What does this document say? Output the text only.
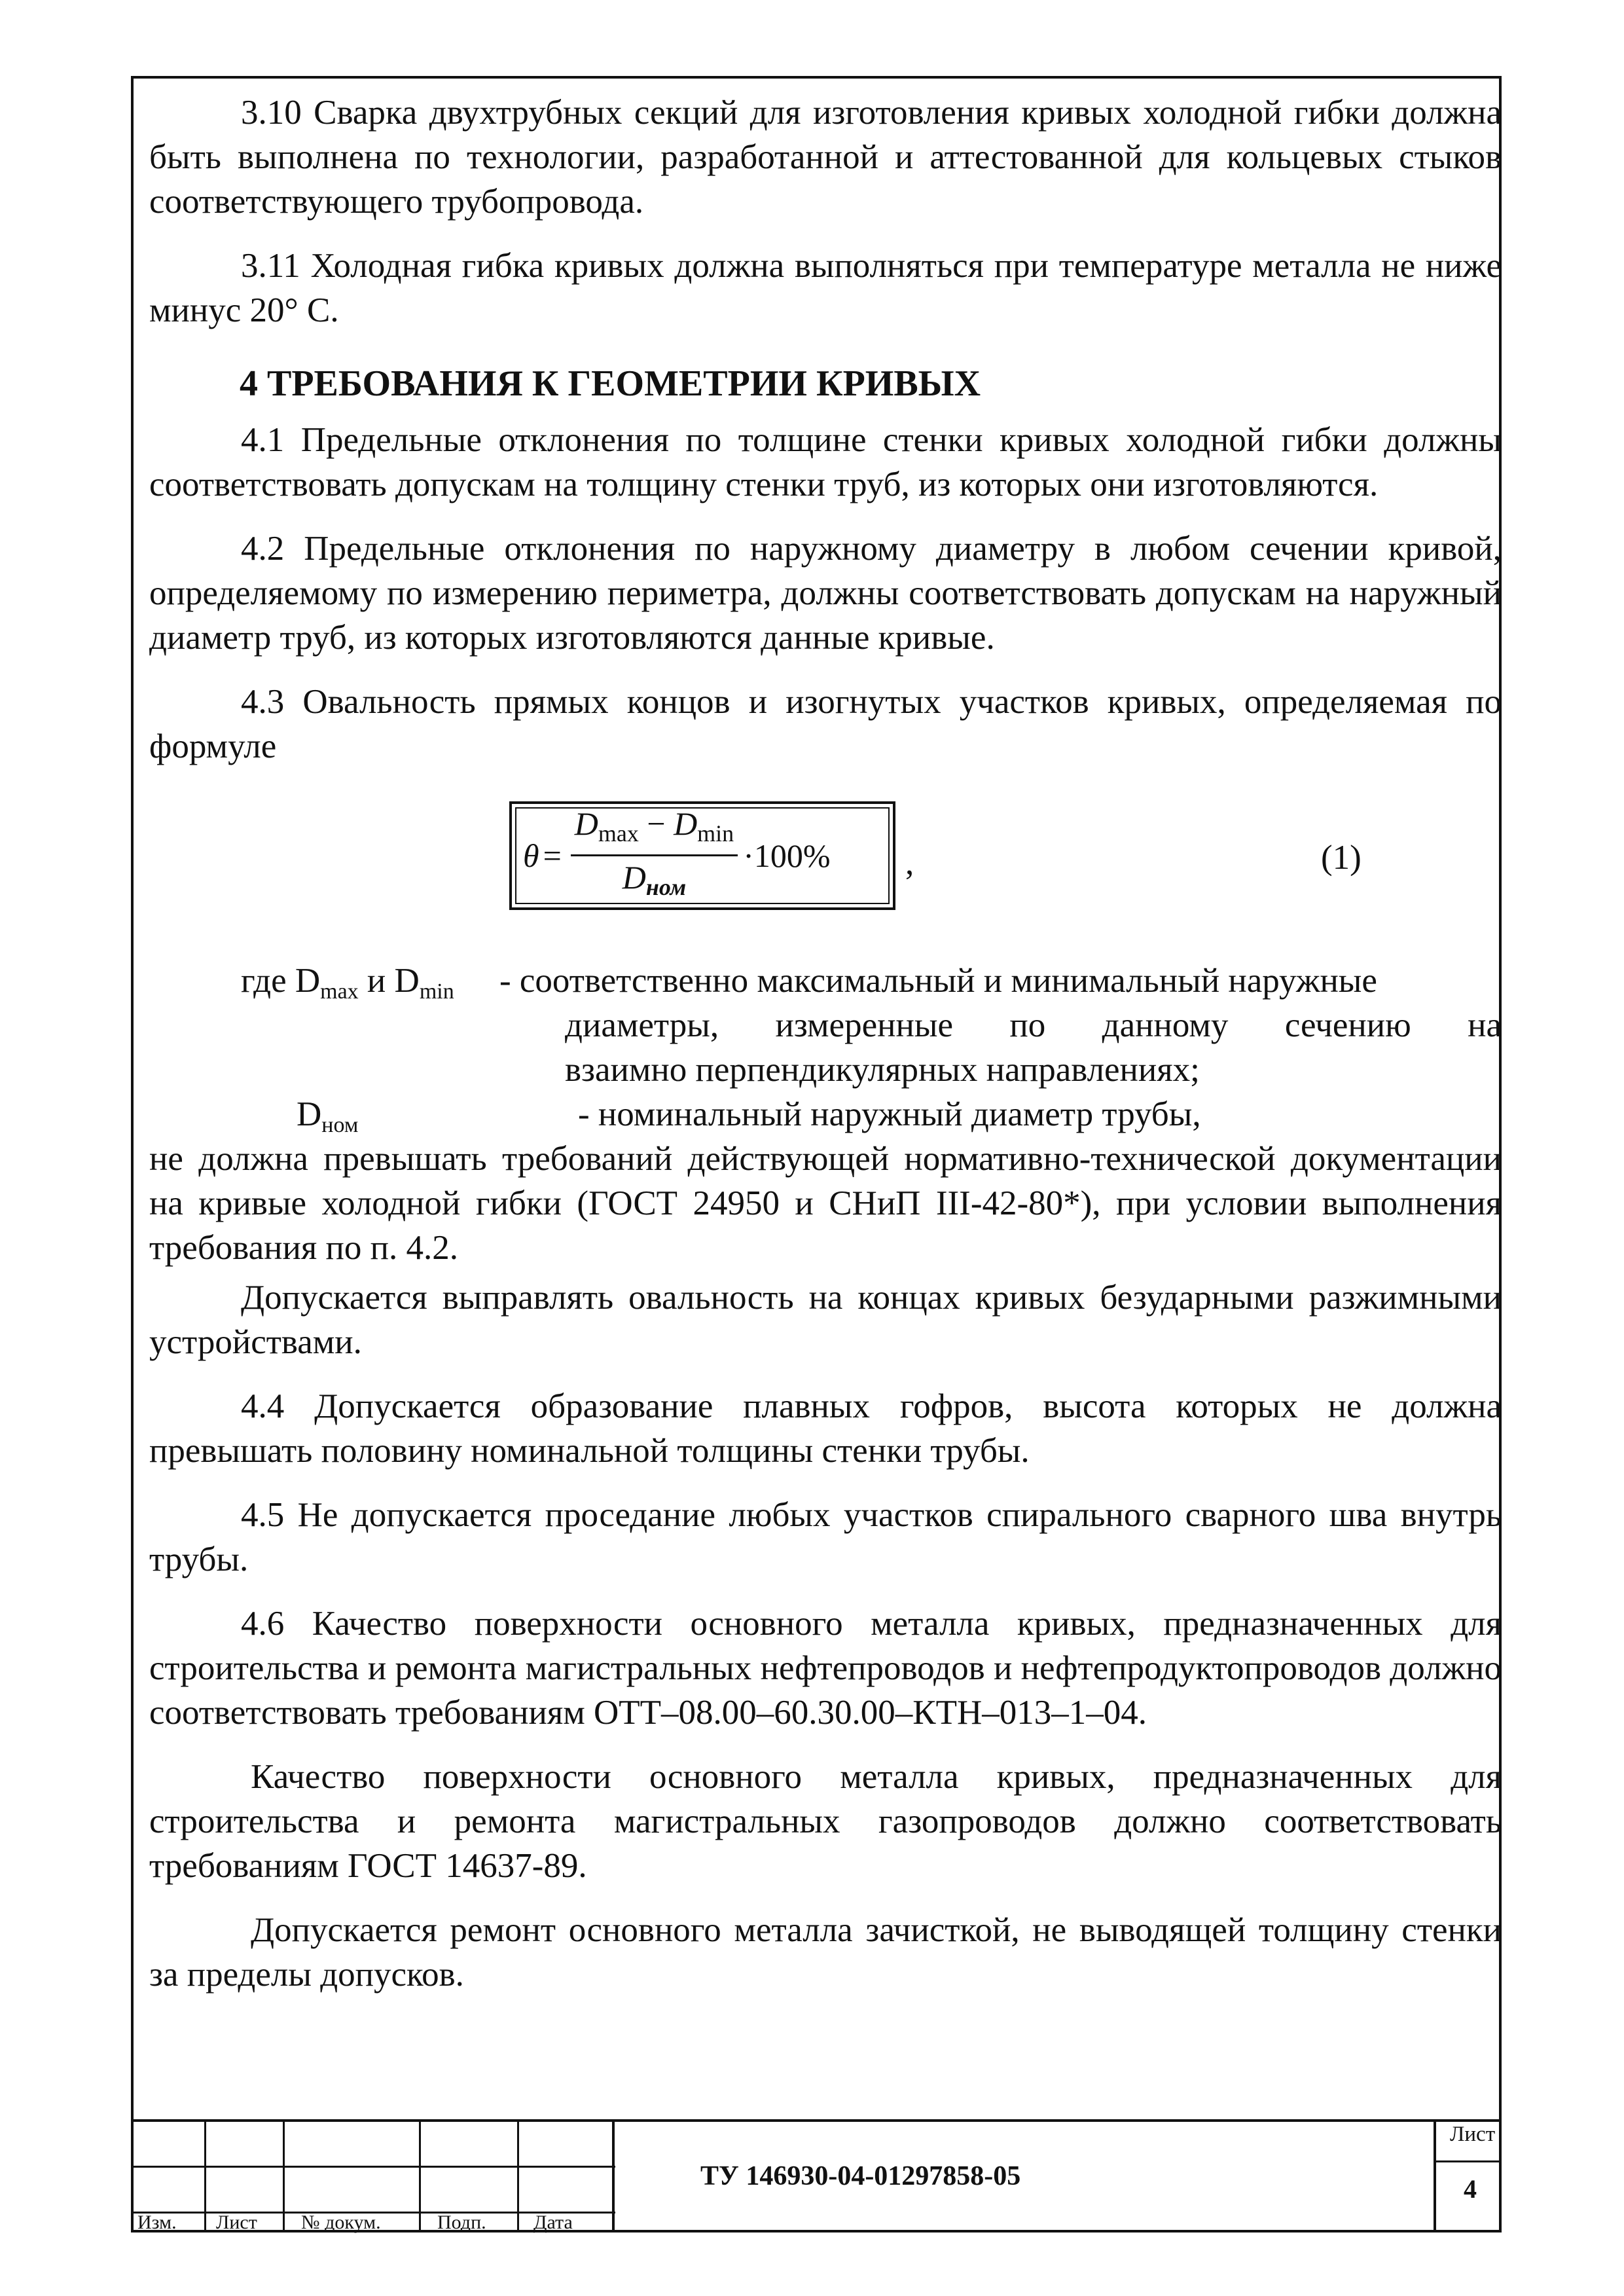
3.10 Сварка двухтрубных секций для изготовления кривых холодной гибки должна быть выполнена по технологии, разработанной и аттестованной для кольцевых стыков соответствующего трубопровода.

3.11 Холодная гибка кривых должна выполняться при температуре металла не ниже минус 20° С.

4 ТРЕБОВАНИЯ К ГЕОМЕТРИИ КРИВЫХ

4.1 Предельные отклонения по толщине стенки кривых холодной гибки должны соответствовать допускам на толщину стенки труб, из которых они изготовляются.

4.2 Предельные отклонения по наружному диаметру в любом сечении кривой, определяемому по измерению периметра, должны соответствовать допускам на наружный диаметр труб, из которых изготовляются данные кривые.

4.3 Овальность прямых концов и изогнутых участков кривых, определяемая по формуле

$\theta = \frac{D_{max} - D_{min}}{D_{ном}} \cdot 100\%$ ,	(1)
где Dmax и Dmin - соответственно максимальный и минимальный наружные
диаметры, измеренные по данному сечению на
взаимно перпендикулярных направлениях;
Dном	- номинальный наружный диаметр трубы,

не должна превышать требований действующей нормативно-технической документации на кривые холодной гибки (ГОСТ 24950 и СНиП III-42-80*), при условии выполнения требования по п. 4.2.

Допускается выправлять овальность на концах кривых безударными разжимными устройствами.

4.4 Допускается образование плавных гофров, высота которых не должна превышать половину номинальной толщины стенки трубы.

4.5 Не допускается проседание любых участков спирального сварного шва внутрь трубы.

4.6 Качество поверхности основного металла кривых, предназначенных для строительства и ремонта магистральных нефтепроводов и нефтепродуктопроводов должно соответствовать требованиям ОТТ–08.00–60.30.00–КТН–013–1–04.

Качество поверхности основного металла кривых, предназначенных для строительства и ремонта магистральных газопроводов должно соответствовать требованиям ГОСТ 14637-89.

Допускается ремонт основного металла зачисткой, не выводящей толщину стенки за пределы допусков.

Изм. Лист № докум.	Подп. Дата
ТУ 146930-04-01297858-05
Лист
4
